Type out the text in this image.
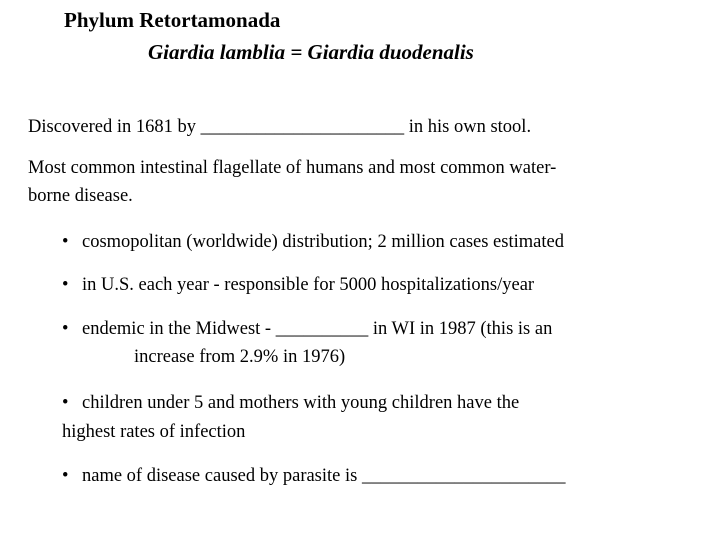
Phylum Retortamonada
Giardia lamblia = Giardia duodenalis
Discovered in 1681 by ______________________ in his own stool.
Most common intestinal flagellate of humans and most common water-
borne disease.
• cosmopolitan (worldwide) distribution; 2 million cases estimated
• in U.S. each year - responsible for 5000 hospitalizations/year
• endemic in the Midwest - __________ in WI in 1987 (this is an
increase from 2.9% in 1976)
• children under 5 and mothers with young children have the
highest rates of infection
• name of disease caused by parasite is ______________________
